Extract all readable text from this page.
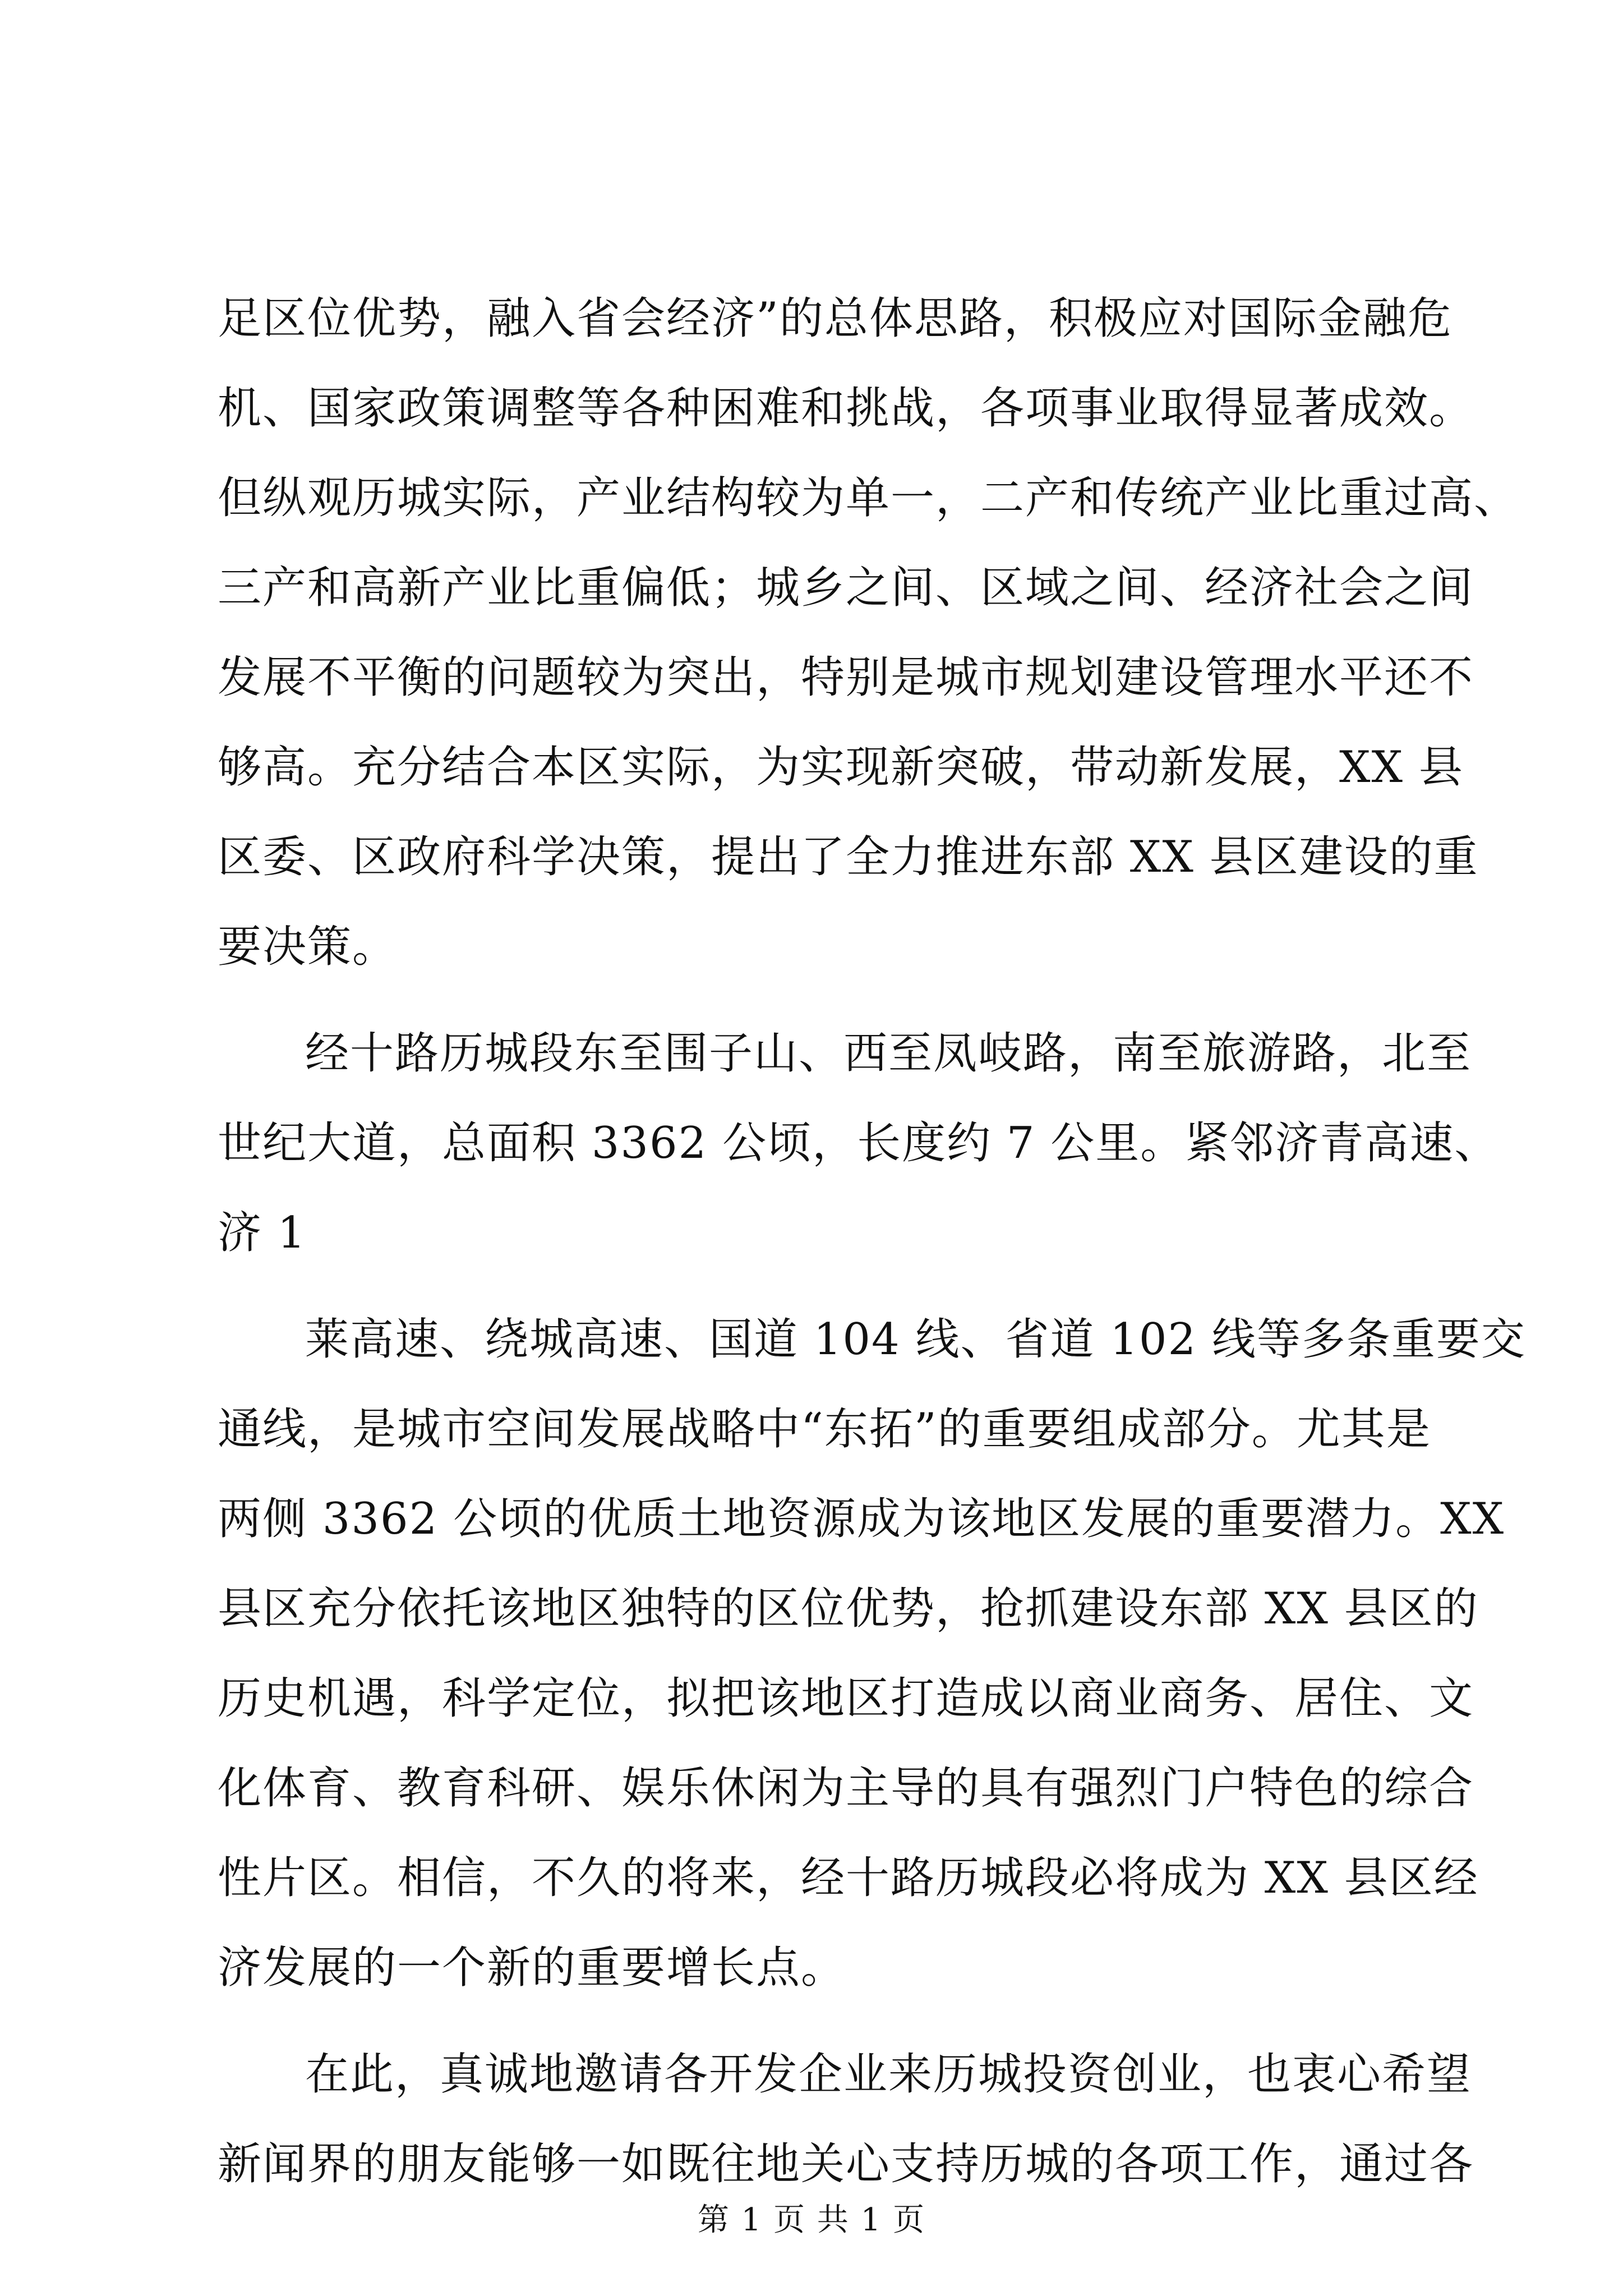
足区位优势，融入省会经济”的总体思路，积极应对国际金融危
机、国家政策调整等各种困难和挑战，各项事业取得显著成效。
但纵观历城实际，产业结构较为单一，二产和传统产业比重过高、
三产和高新产业比重偏低；城乡之间、区域之间、经济社会之间
发展不平衡的问题较为突出，特别是城市规划建设管理水平还不
够高。充分结合本区实际，为实现新突破，带动新发展，XX 县
区委、区政府科学决策，提出了全力推进东部 XX 县区建设的重
要决策。
经十路历城段东至围子山、西至凤岐路，南至旅游路，北至
世纪大道，总面积 3362 公顷，长度约 7 公里。紧邻济青高速、
济 1
莱高速、绕城高速、国道 104 线、省道 102 线等多条重要交
通线，是城市空间发展战略中“东拓”的重要组成部分。尤其是
两侧 3362 公顷的优质土地资源成为该地区发展的重要潜力。XX
县区充分依托该地区独特的区位优势，抢抓建设东部 XX 县区的
历史机遇，科学定位，拟把该地区打造成以商业商务、居住、文
化体育、教育科研、娱乐休闲为主导的具有强烈门户特色的综合
性片区。相信，不久的将来，经十路历城段必将成为 XX 县区经
济发展的一个新的重要增长点。
在此，真诚地邀请各开发企业来历城投资创业，也衷心希望
新闻界的朋友能够一如既往地关心支持历城的各项工作，通过各
第 1 页 共 1 页
